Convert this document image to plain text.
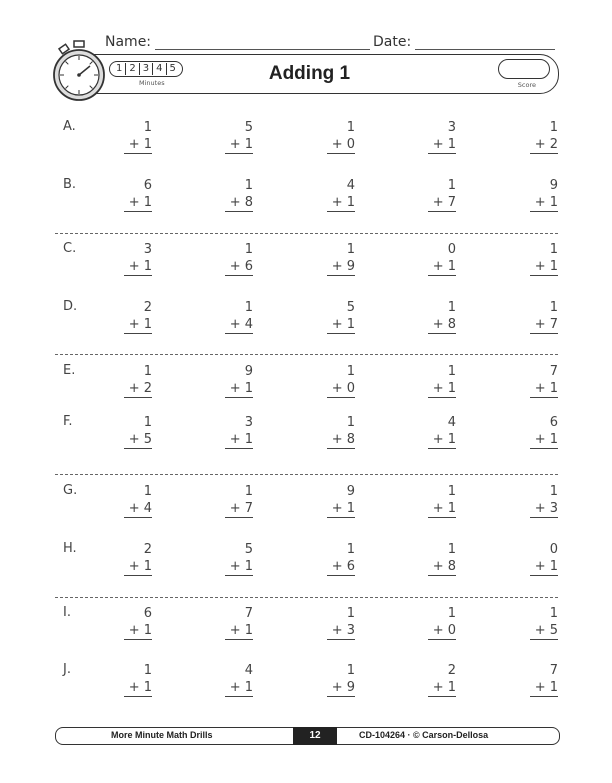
Name:	Date:
1 2 3 4 5
Minutes	Adding 1
Score
A.	1
+ 1
5
+ 1
1
+ 0
3
+ 1
1
+ 2
B.	6
+ 1
1
+ 8
4
+ 1
1
+ 7
9
+ 1
C.	3
+ 1
1
+ 6
1
+ 9
0
+ 1
1
+ 1
D.	2
+ 1
1
+ 4
5
+ 1
1
+ 8
1
+ 7
E.	1
+ 2
9
+ 1
1
+ 0
1
+ 1
7
+ 1
F.	1
+ 5
3
+ 1
1
+ 8
4
+ 1
6
+ 1
G.	1
+ 4
1
+ 7
9
+ 1
1
+ 1
1
+ 3
H.	2
+ 1
5
+ 1
1
+ 6
1
+ 8
0
+ 1
I.	6
+ 1
7
+ 1
1
+ 3
1
+ 0
1
+ 5
J.	1
+ 1
4
+ 1
1
+ 9
2
+ 1
7
+ 1
More Minute Math Drills	12	CD-104264 · © Carson-Dellosa
